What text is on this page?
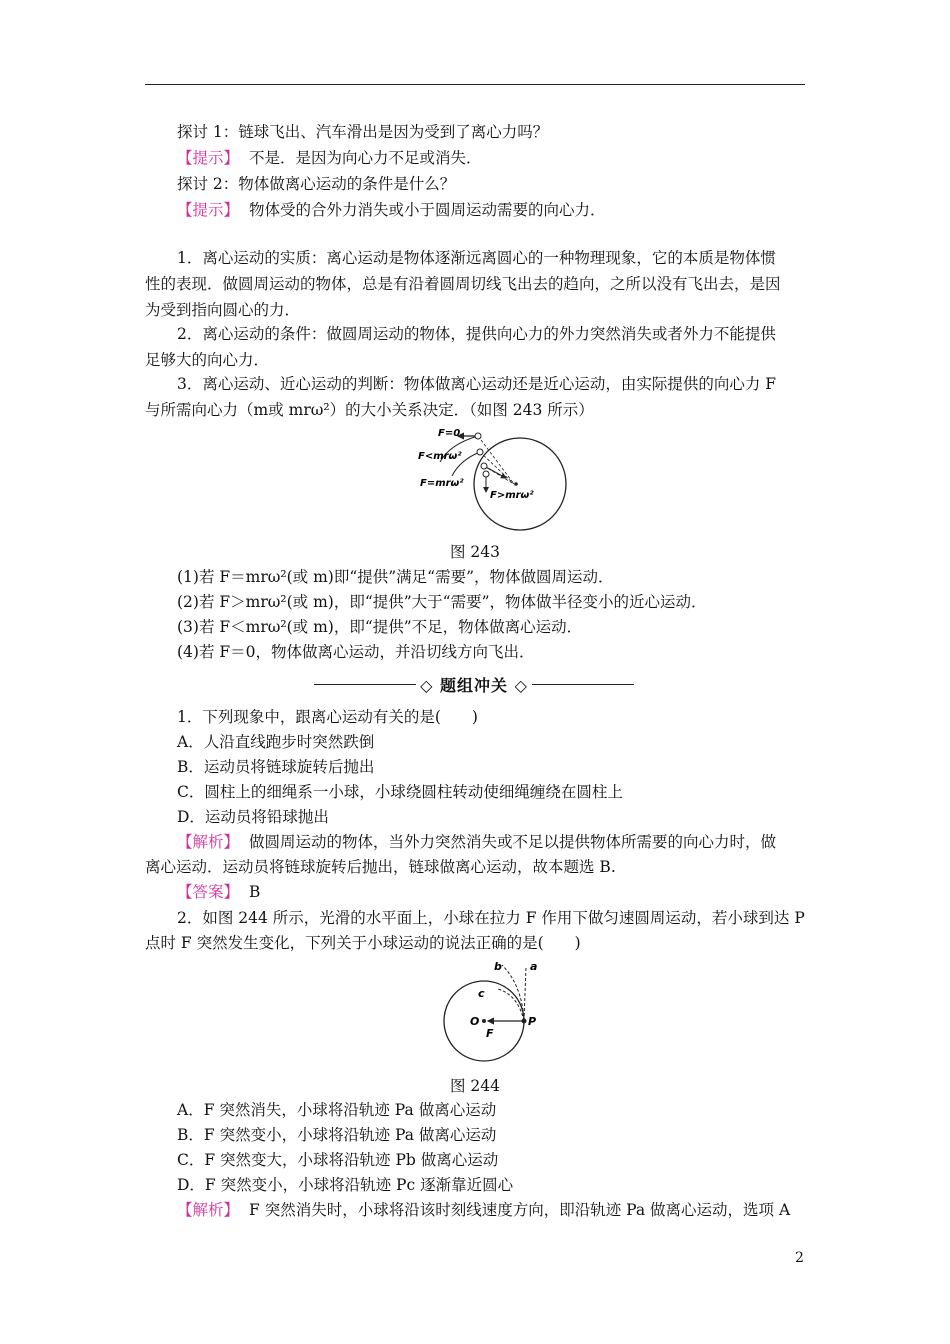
探讨 1：链球飞出、汽车滑出是因为受到了离心力吗？
【提示】 不是．是因为向心力不足或消失．
探讨 2：物体做离心运动的条件是什么？
【提示】 物体受的合外力消失或小于圆周运动需要的向心力．
1．离心运动的实质：离心运动是物体逐渐远离圆心的一种物理现象，它的本质是物体惯
性的表现．做圆周运动的物体，总是有沿着圆周切线飞出去的趋向，之所以没有飞出去，是因
为受到指向圆心的力．
2．离心运动的条件：做圆周运动的物体，提供向心力的外力突然消失或者外力不能提供
足够大的向心力．
3．离心运动、近心运动的判断：物体做离心运动还是近心运动，由实际提供的向心力 F
与所需向心力（m或 mrω²）的大小关系决定．（如图 243 所示）
F=0
F<mrω²
F=mrω²
F>mrω²
图 243
(1)若 F＝mrω²(或 m)即“提供”满足“需要”，物体做圆周运动．
(2)若 F＞mrω²(或 m)，即“提供”大于“需要”，物体做半径变小的近心运动．
(3)若 F＜mrω²(或 m)，即“提供”不足，物体做离心运动．
(4)若 F＝0，物体做离心运动，并沿切线方向飞出．
◇ 题组冲关 ◇
1．下列现象中，跟离心运动有关的是(　　)
A．人沿直线跑步时突然跌倒
B．运动员将链球旋转后抛出
C．圆柱上的细绳系一小球，小球绕圆柱转动使细绳缠绕在圆柱上
D．运动员将铅球抛出
【解析】 做圆周运动的物体，当外力突然消失或不足以提供物体所需要的向心力时，做
离心运动．运动员将链球旋转后抛出，链球做离心运动，故本题选 B.
【答案】 B
2．如图 244 所示，光滑的水平面上，小球在拉力 F 作用下做匀速圆周运动，若小球到达 P
点时 F 突然发生变化，下列关于小球运动的说法正确的是(　　)
a
b
c
O
F
P
图 244
A．F 突然消失，小球将沿轨迹 Pa 做离心运动
B．F 突然变小，小球将沿轨迹 Pa 做离心运动
C．F 突然变大，小球将沿轨迹 Pb 做离心运动
D．F 突然变小，小球将沿轨迹 Pc 逐渐靠近圆心
【解析】 F 突然消失时，小球将沿该时刻线速度方向，即沿轨迹 Pa 做离心运动，选项 A
2
